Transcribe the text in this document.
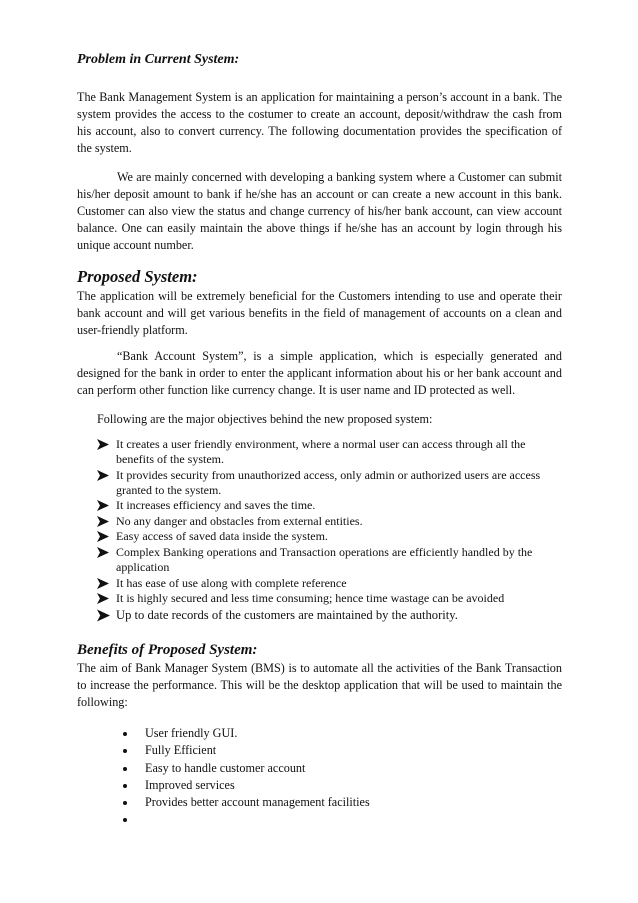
Problem in Current System:

The Bank Management System is an application for maintaining a person’s account in a bank. The system provides the access to the costumer to create an account, deposit/withdraw the cash from his account, also to convert currency. The following documentation provides the specification of the system.

We are mainly concerned with developing a banking system where a Customer can submit his/her deposit amount to bank if he/she has an account or can create a new account in this bank. Customer can also view the status and change currency of his/her bank account, can view account balance. One can easily maintain the above things if he/she has an account by login through his unique account number.

Proposed System:

The application will be extremely beneficial for the Customers intending to use and operate their bank account and will get various benefits in the field of management of accounts on a clean and user-friendly platform.

“Bank Account System”, is a simple application, which is especially generated and designed for the bank in order to enter the applicant information about his or her bank account and can perform other function like currency change. It is user name and ID protected as well.

Following are the major objectives behind the new proposed system:
It creates a user friendly environment, where a normal user can access through all the benefits of the system.
It provides security from unauthorized access, only admin or authorized users are access granted to the system.
It increases efficiency and saves the time.
No any danger and obstacles from external entities.
Easy access of saved data inside the system.
Complex Banking operations and Transaction operations are efficiently handled by the application
It has ease of use along with complete reference
It is highly secured and less time consuming; hence time wastage can be avoided
Up to date records of the customers are maintained by the authority.
Benefits of Proposed System:

The aim of Bank Manager System (BMS) is to automate all the activities of the Bank Transaction to increase the performance. This will be the desktop application that will be used to maintain the following:

User friendly GUI.
Fully Efficient
Easy to handle customer account
Improved services
Provides better account management facilities
